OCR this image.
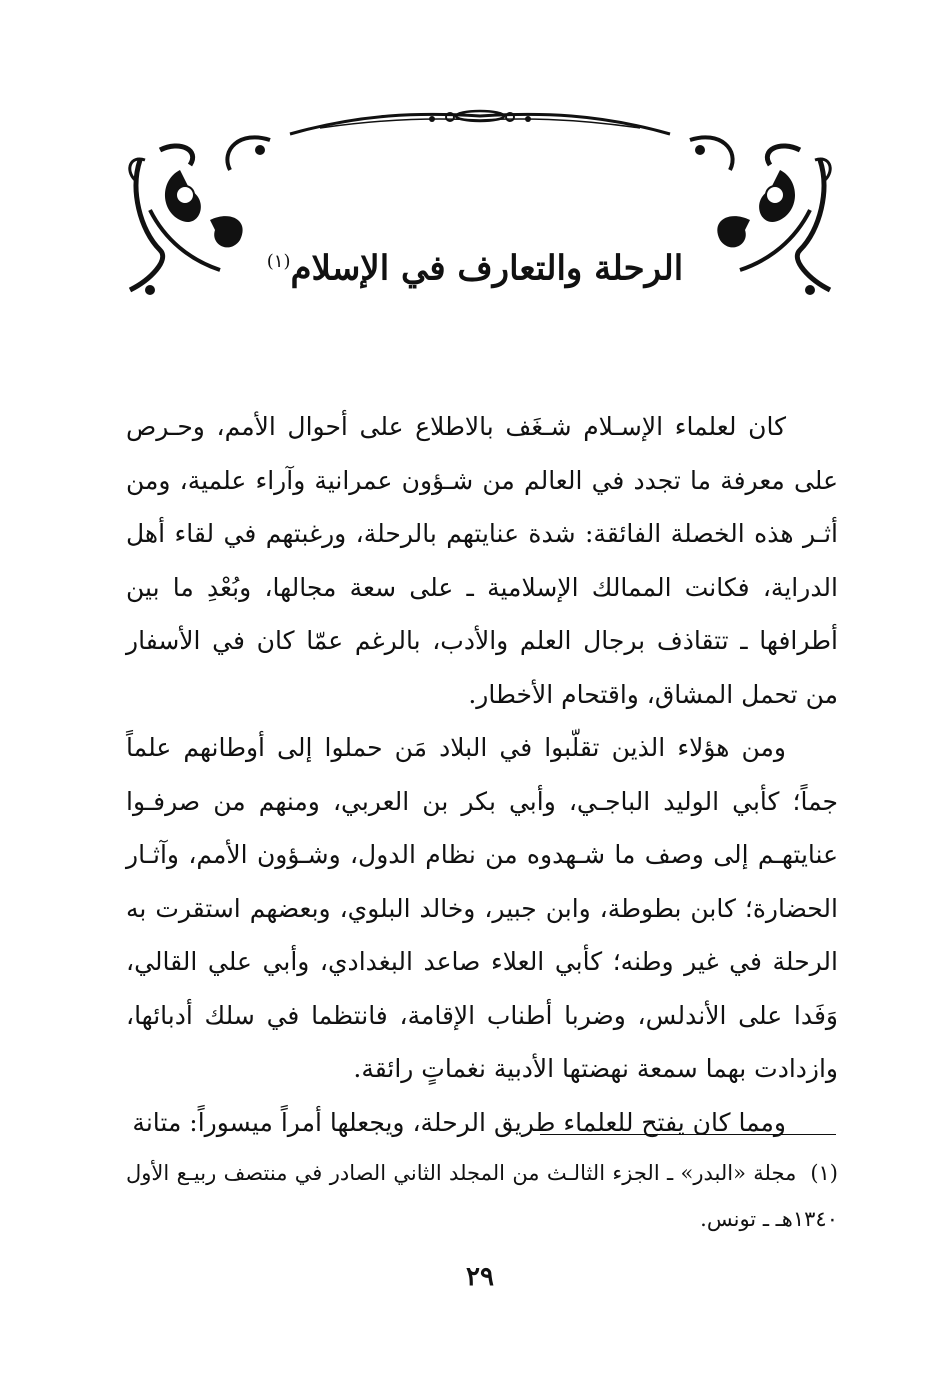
الرحلة والتعارف في الإسلام$^{(١)}$

كان لعلماء الإسـلام شـغَف بالاطلاع على أحوال الأمم، وحـرص على معرفة ما تجدد في العالم من شـؤون عمرانية وآراء علمية، ومن أثـر هذه الخصلة الفائقة: شدة عنايتهم بالرحلة، ورغبتهم في لقاء أهل الدراية، فكانت الممالك الإسلامية ـ على سعة مجالها، وبُعْدِ ما بين أطرافها ـ تتقاذف برجال العلم والأدب، بالرغم عمّا كان في الأسفار من تحمل المشاق، واقتحام الأخطار.

ومن هؤلاء الذين تقلّبوا في البلاد مَن حملوا إلى أوطانهم علماً جماً؛ كأبي الوليد الباجـي، وأبي بكر بن العربي، ومنهم من صرفـوا عنايتهـم إلى وصف ما شـهدوه من نظام الدول، وشـؤون الأمم، وآثـار الحضارة؛ كابن بطوطة، وابن جبير، وخالد البلوي، وبعضهم استقرت به الرحلة في غير وطنه؛ كأبي العلاء صاعد البغدادي، وأبي علي القالي، وَفَدا على الأندلس، وضربا أطناب الإقامة، فانتظما في سلك أدبائها، وازدادت بهما سمعة نهضتها الأدبية نغماتٍ رائقة.

ومما كان يفتح للعلماء طريق الرحلة، ويجعلها أمراً ميسوراً: متانة

(١)مجلة «البدر» ـ الجزء الثالـث من المجلد الثاني الصادر في منتصف ربيـع الأول ١٣٤٠هـ ـ تونس.
٢٩
